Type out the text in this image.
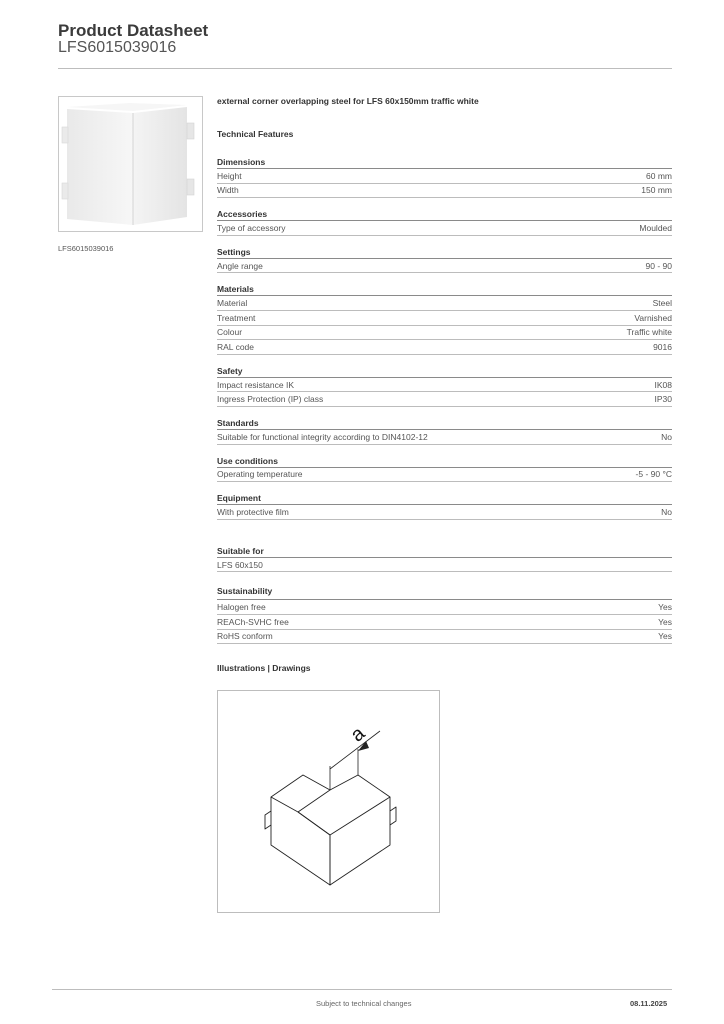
Product Datasheet
LFS6015039016
LFS6015039016
external corner overlapping steel for LFS 60x150mm traffic white
Technical Features
Dimensions
Height	60 mm
Width	150 mm
Accessories
Type of accessory	Moulded
Settings
Angle range	90 - 90
Materials
Material	Steel
Treatment	Varnished
Colour	Traffic white
RAL code	9016
Safety
Impact resistance IK	IK08
Ingress Protection (IP) class	IP30
Standards
Suitable for functional integrity according to DIN4102-12	No
Use conditions
Operating temperature	-5 - 90 °C
Equipment
With protective film	No
Suitable for
LFS 60x150
Sustainability
Halogen free	Yes
REACh-SVHC free	Yes
RoHS conform	Yes
Illustrations | Drawings
a
Subject to technical changes	08.11.2025
